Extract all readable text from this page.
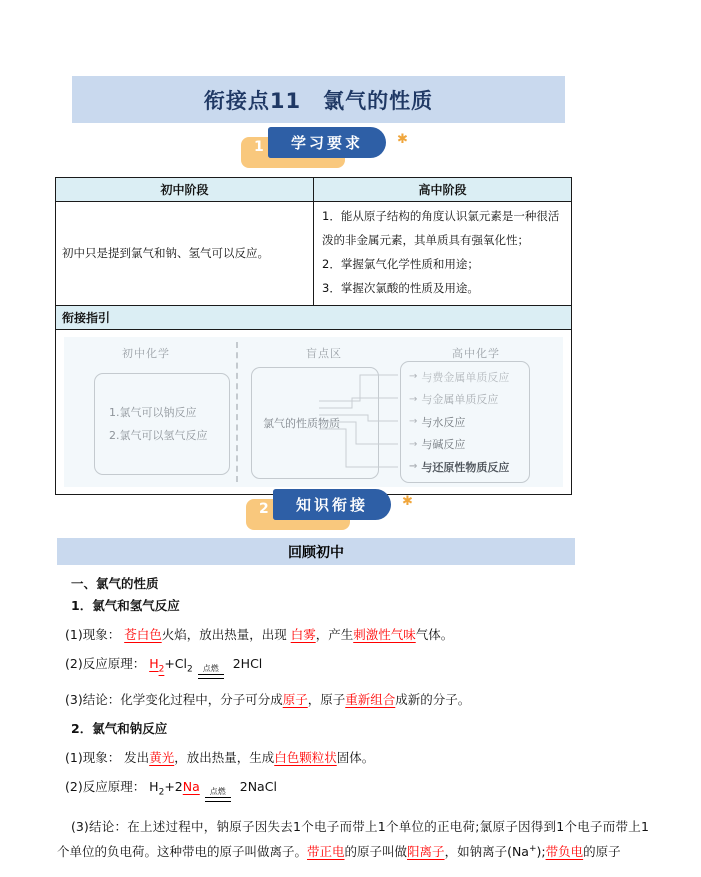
衔接点11　氯气的性质
1 学习要求	✱
初中阶段	高中阶段
初中只是提到氯气和钠、氢气可以反应。	1．能从原子结构的角度认识氯元素是一种很活泼的非金属元素，其单质具有强氧化性；
2．掌握氯气化学性质和用途；
3．掌握次氯酸的性质及用途。

衔接指引	

初中化学	盲点区	高中化学
1.氯气可以钠反应
2.氯气可以氢气反应
氯气的性质物质
→ 与费金属单质反应
→ 与金属单质反应
→ 与水反应
→ 与碱反应
→ 与还原性物质反应
2 知识衔接	✱
回顾初中
一、氯气的性质
1．氯气和氢气反应
(1)现象： 苍白色火焰，放出热量，出现 白雾，产生刺激性气味气体。
(2)反应原理： $H_2+Cl_2$ 点燃 2HCl
(3)结论：化学变化过程中，分子可分成原子，原子重新组合成新的分子。
2．氯气和钠反应
(1)现象： 发出黄光，放出热量，生成白色颗粒状固体。
(2)反应原理： $H_2+2Na$ 点燃 2NaCl
(3)结论：在上述过程中，钠原子因失去1个电子而带上1个单位的正电荷;氯原子因得到1个电子而带上1个单位的负电荷。这种带电的原子叫做离子。带正电的原子叫做阳离子，如钠离子(Na+);带负电的原子
